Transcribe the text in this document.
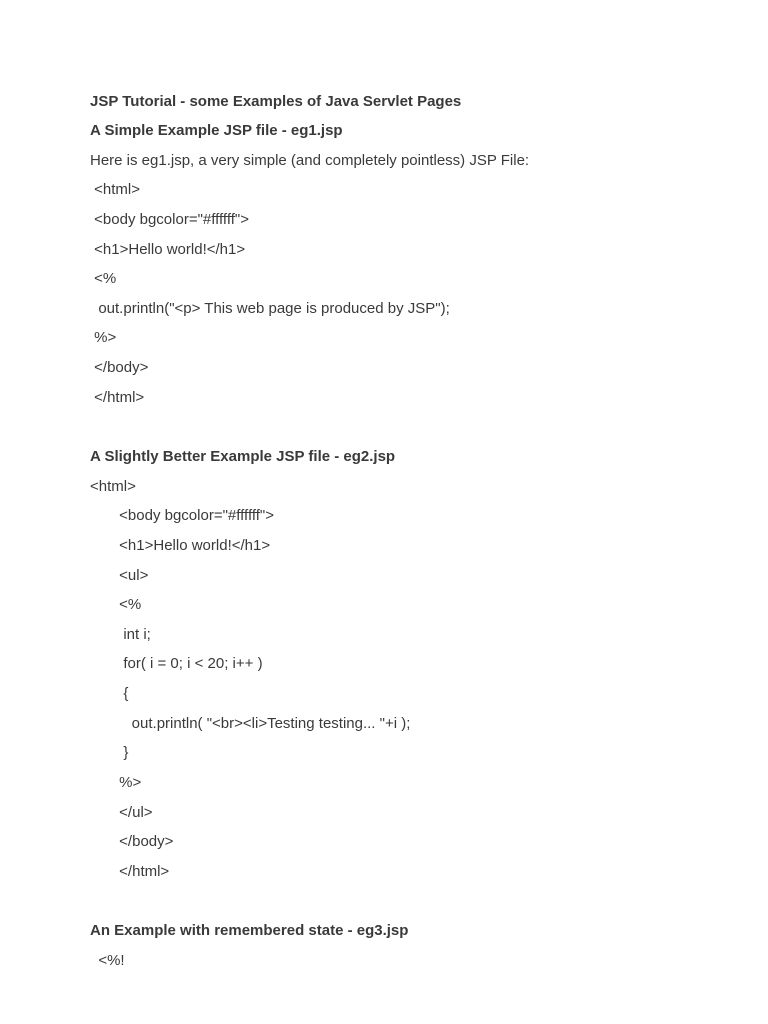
JSP Tutorial - some Examples of Java Servlet Pages
A Simple Example JSP file - eg1.jsp
Here is eg1.jsp, a very simple (and completely pointless) JSP File:
<html>
<body bgcolor="#ffffff">
<h1>Hello world!</h1>
<%
out.println("<p> This web page is produced by JSP");
%>
</body>
</html>
A Slightly Better Example JSP file - eg2.jsp
<html>
<body bgcolor="#ffffff">
<h1>Hello world!</h1>
<ul>
<%
int i;
for( i = 0; i < 20; i++ )
{
out.println( "<br><li>Testing testing... "+i );
}
%>
</ul>
</body>
</html>
An Example with remembered state - eg3.jsp
<%!
